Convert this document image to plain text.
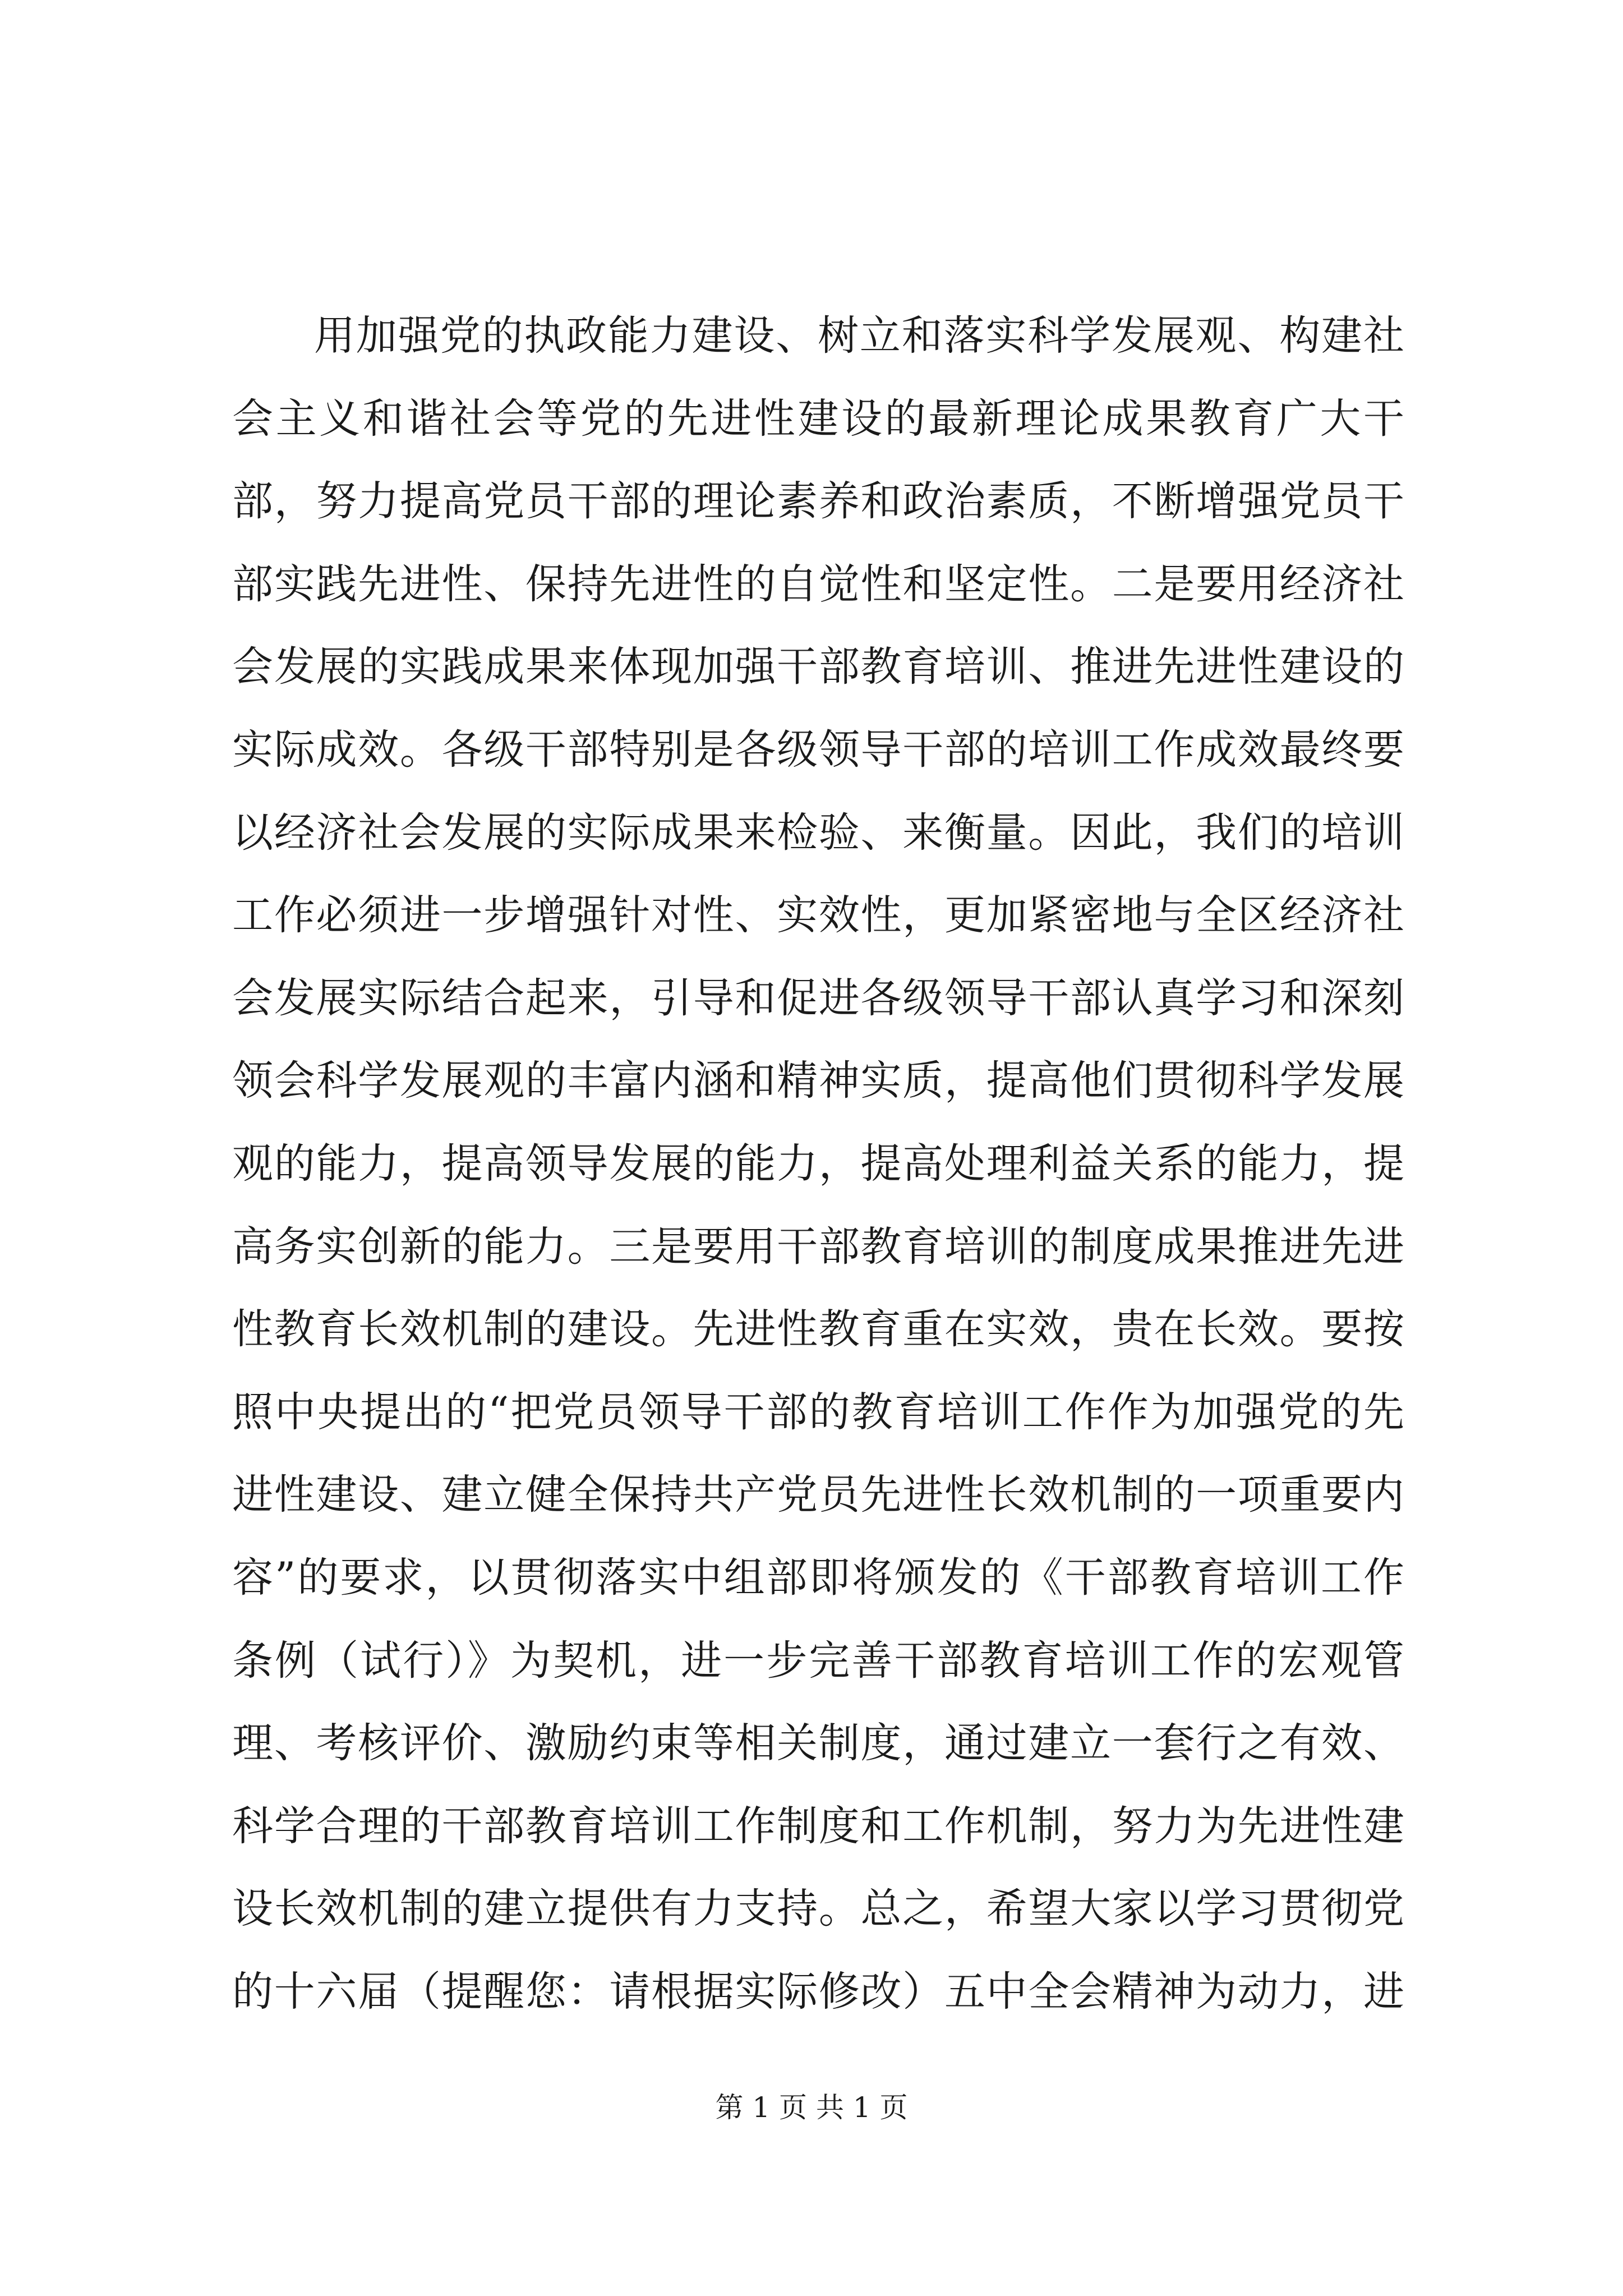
用加强党的执政能力建设、树立和落实科学发展观、构建社
会主义和谐社会等党的先进性建设的最新理论成果教育广大干
部，努力提高党员干部的理论素养和政治素质，不断增强党员干
部实践先进性、保持先进性的自觉性和坚定性。二是要用经济社
会发展的实践成果来体现加强干部教育培训、推进先进性建设的
实际成效。各级干部特别是各级领导干部的培训工作成效最终要
以经济社会发展的实际成果来检验、来衡量。因此，我们的培训
工作必须进一步增强针对性、实效性，更加紧密地与全区经济社
会发展实际结合起来，引导和促进各级领导干部认真学习和深刻
领会科学发展观的丰富内涵和精神实质，提高他们贯彻科学发展
观的能力，提高领导发展的能力，提高处理利益关系的能力，提
高务实创新的能力。三是要用干部教育培训的制度成果推进先进
性教育长效机制的建设。先进性教育重在实效，贵在长效。要按
照中央提出的“把党员领导干部的教育培训工作作为加强党的先
进性建设、建立健全保持共产党员先进性长效机制的一项重要内
容”的要求，以贯彻落实中组部即将颁发的《干部教育培训工作
条例（试行）》为契机，进一步完善干部教育培训工作的宏观管
理、考核评价、激励约束等相关制度，通过建立一套行之有效、
科学合理的干部教育培训工作制度和工作机制，努力为先进性建
设长效机制的建立提供有力支持。总之，希望大家以学习贯彻党
的十六届（提醒您：请根据实际修改）五中全会精神为动力，进
第 1 页 共 1 页
